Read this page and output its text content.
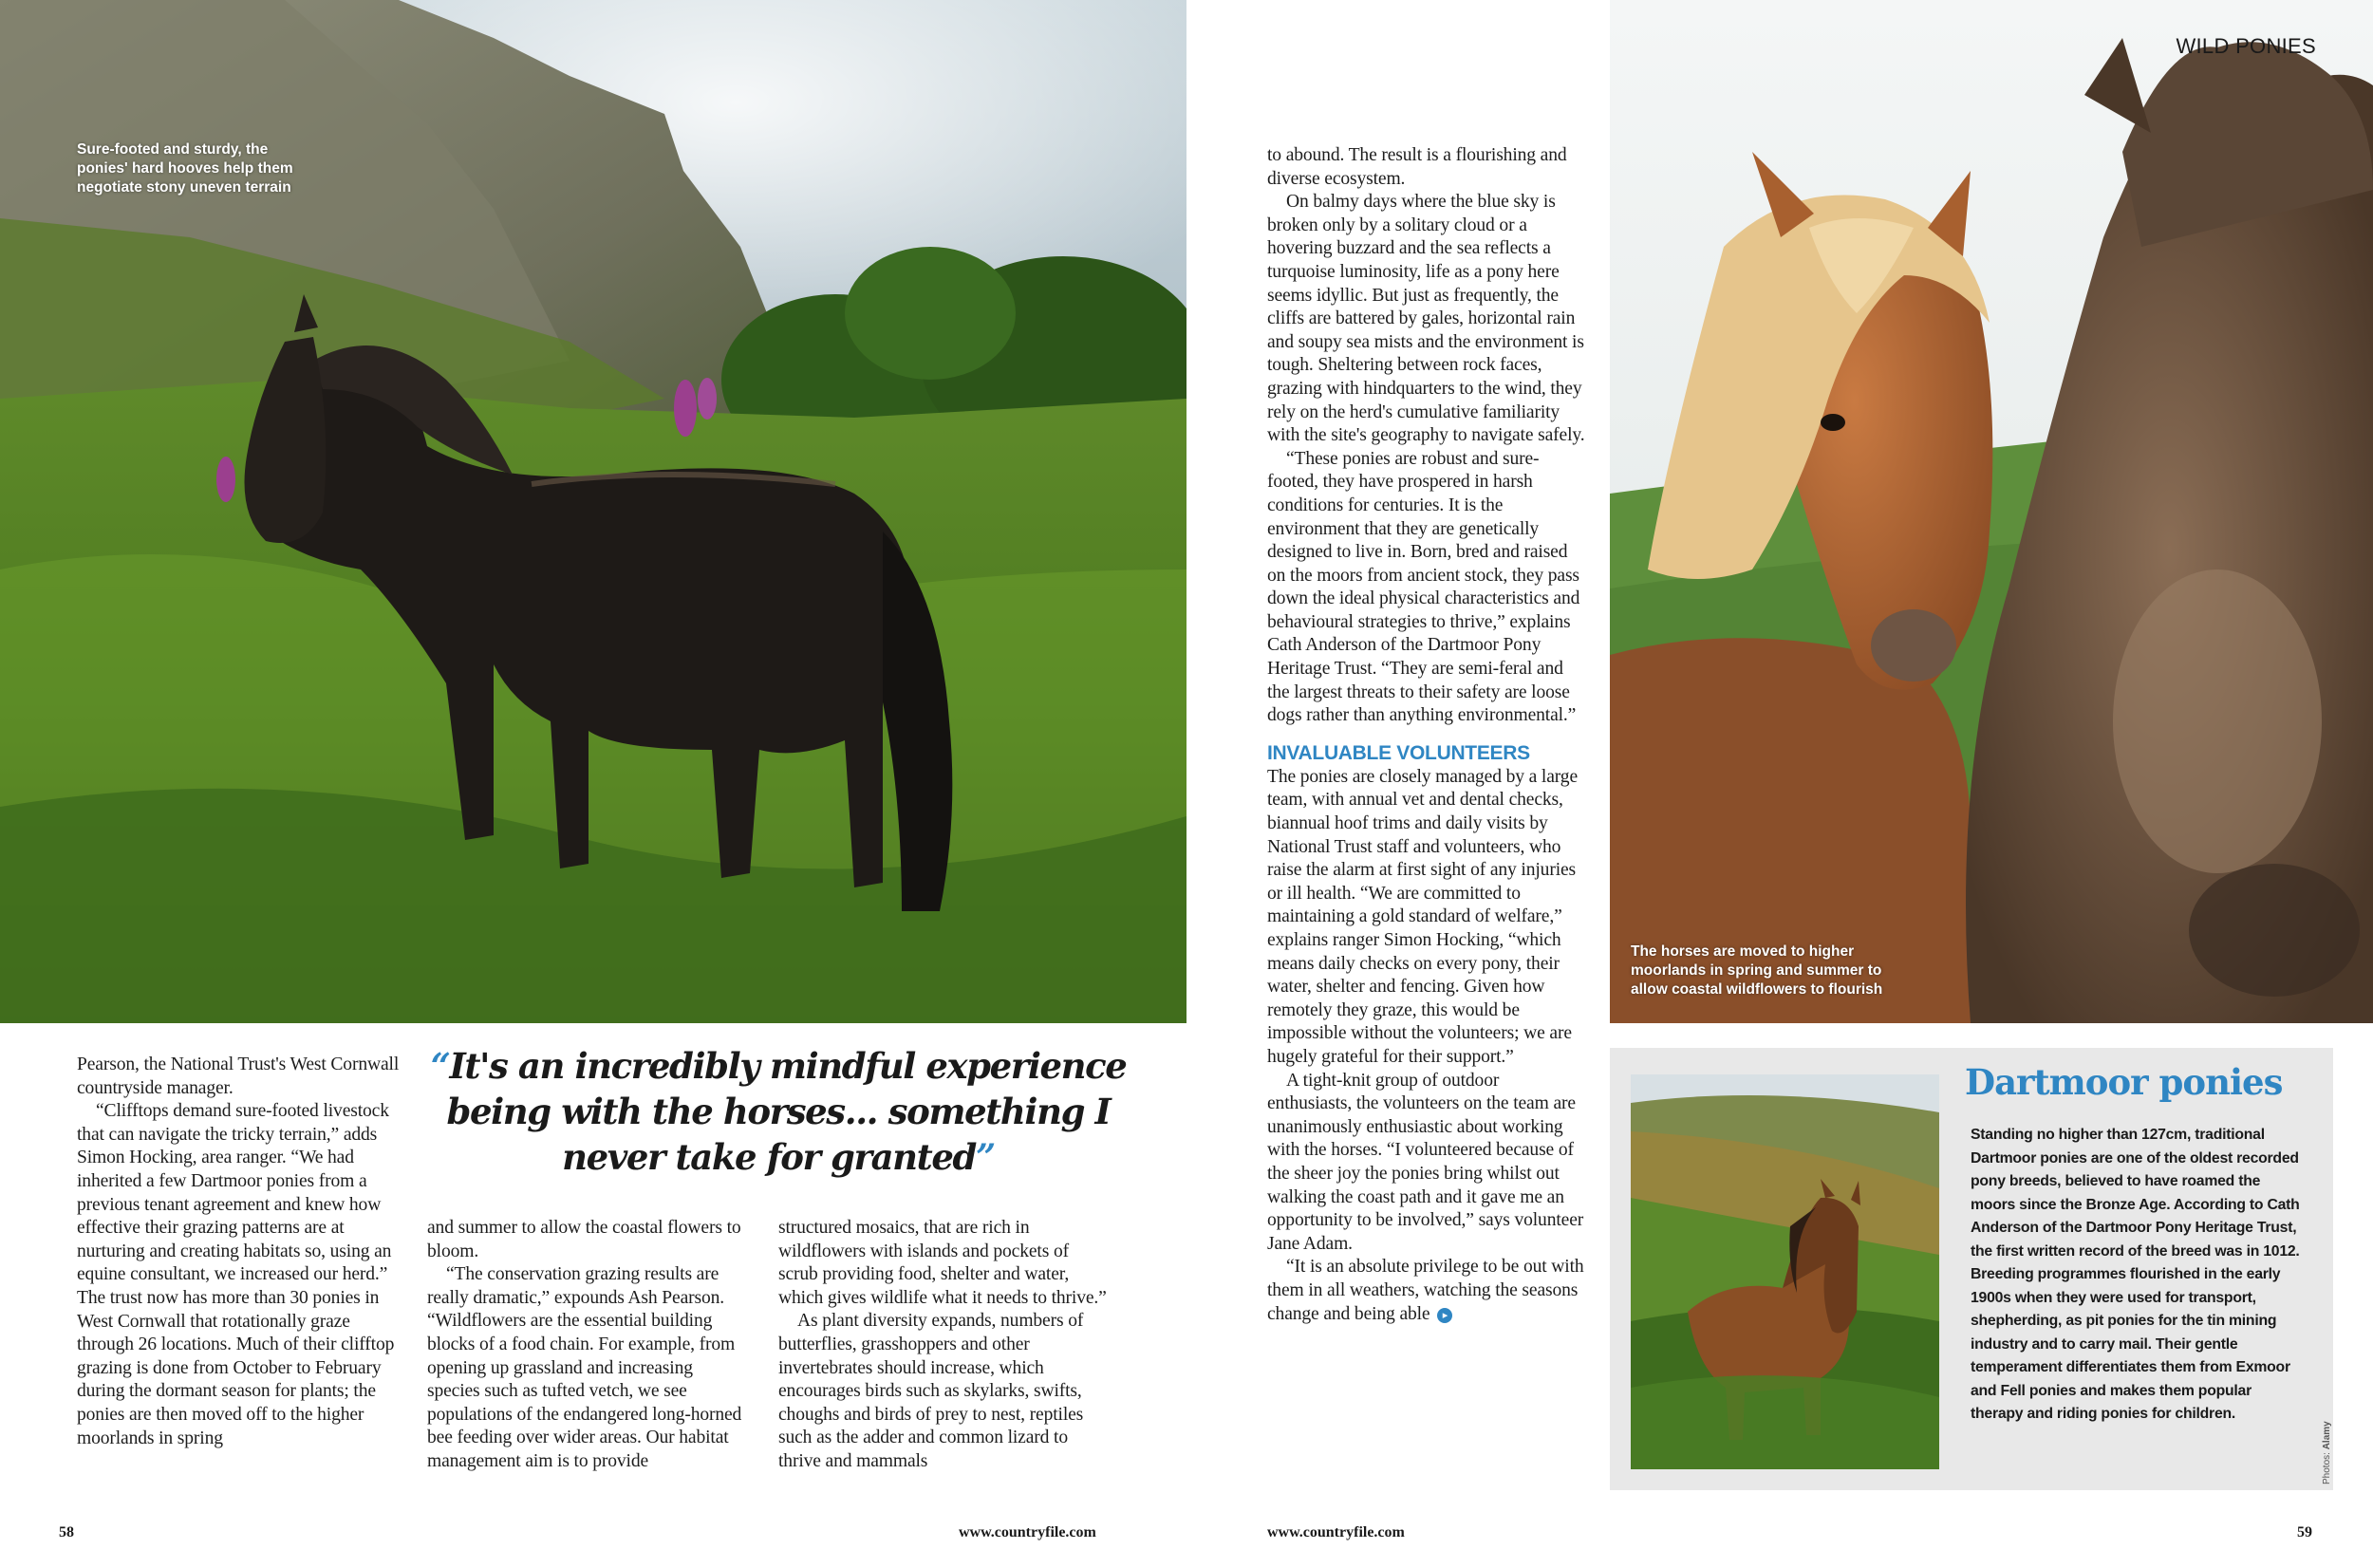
Sure-footed and sturdy, the ponies' hard hooves help them negotiate stony uneven terrain

Pearson, the National Trust's West Cornwall countryside manager.

“Clifftops demand sure-footed livestock that can navigate the tricky terrain,” adds Simon Hocking, area ranger. “We had inherited a few Dartmoor ponies from a previous tenant agreement and knew how effective their grazing patterns are at nurturing and creating habitats so, using an equine consultant, we increased our herd.” The trust now has more than 30 ponies in West Cornwall that rotationally graze through 26 locations. Much of their clifftop grazing is done from October to February during the dormant season for plants; the ponies are then moved off to the higher moorlands in spring

“It's an incredibly mindful experience being with the horses... something I never take for granted”

and summer to allow the coastal flowers to bloom.

“The conservation grazing results are really dramatic,” expounds Ash Pearson. “Wildflowers are the essential building blocks of a food chain. For example, from opening up grassland and increasing species such as tufted vetch, we see populations of the endangered long-horned bee feeding over wider areas. Our habitat management aim is to provide

structured mosaics, that are rich in wildflowers with islands and pockets of scrub providing food, shelter and water, which gives wildlife what it needs to thrive.”

As plant diversity expands, numbers of butterflies, grasshoppers and other invertebrates should increase, which encourages birds such as skylarks, swifts, choughs and birds of prey to nest, reptiles such as the adder and common lizard to thrive and mammals

58	www.countryfile.com

to abound. The result is a flourishing and diverse ecosystem.

On balmy days where the blue sky is broken only by a solitary cloud or a hovering buzzard and the sea reflects a turquoise luminosity, life as a pony here seems idyllic. But just as frequently, the cliffs are battered by gales, horizontal rain and soupy sea mists and the environment is tough. Sheltering between rock faces, grazing with hindquarters to the wind, they rely on the herd's cumulative familiarity with the site's geography to navigate safely.

“These ponies are robust and sure-footed, they have prospered in harsh conditions for centuries. It is the environment that they are genetically designed to live in. Born, bred and raised on the moors from ancient stock, they pass down the ideal physical characteristics and behavioural strategies to thrive,” explains Cath Anderson of the Dartmoor Pony Heritage Trust. “They are semi-feral and the largest threats to their safety are loose dogs rather than anything environmental.”

INVALUABLE VOLUNTEERS

The ponies are closely managed by a large team, with annual vet and dental checks, biannual hoof trims and daily visits by National Trust staff and volunteers, who raise the alarm at first sight of any injuries or ill health. “We are committed to maintaining a gold standard of welfare,” explains ranger Simon Hocking, “which means daily checks on every pony, their water, shelter and fencing. Given how remotely they graze, this would be impossible without the volunteers; we are hugely grateful for their support.”

A tight-knit group of outdoor enthusiasts, the volunteers on the team are unanimously enthusiastic about working with the horses. “I volunteered because of the sheer joy the ponies bring whilst out walking the coast path and it gave me an opportunity to be involved,” says volunteer Jane Adam.

“It is an absolute privilege to be out with them in all weathers, watching the seasons change and being able ▸

WILD PONIES
The horses are moved to higher moorlands in spring and summer to allow coastal wildflowers to flourish
Dartmoor ponies
Standing no higher than 127cm, traditional Dartmoor ponies are one of the oldest recorded pony breeds, believed to have roamed the moors since the Bronze Age. According to Cath Anderson of the Dartmoor Pony Heritage Trust, the first written record of the breed was in 1012. Breeding programmes flourished in the early 1900s when they were used for transport, shepherding, as pit ponies for the tin mining industry and to carry mail. Their gentle temperament differentiates them from Exmoor and Fell ponies and makes them popular therapy and riding ponies for children.
Photos: Alamy
www.countryfile.com	59
